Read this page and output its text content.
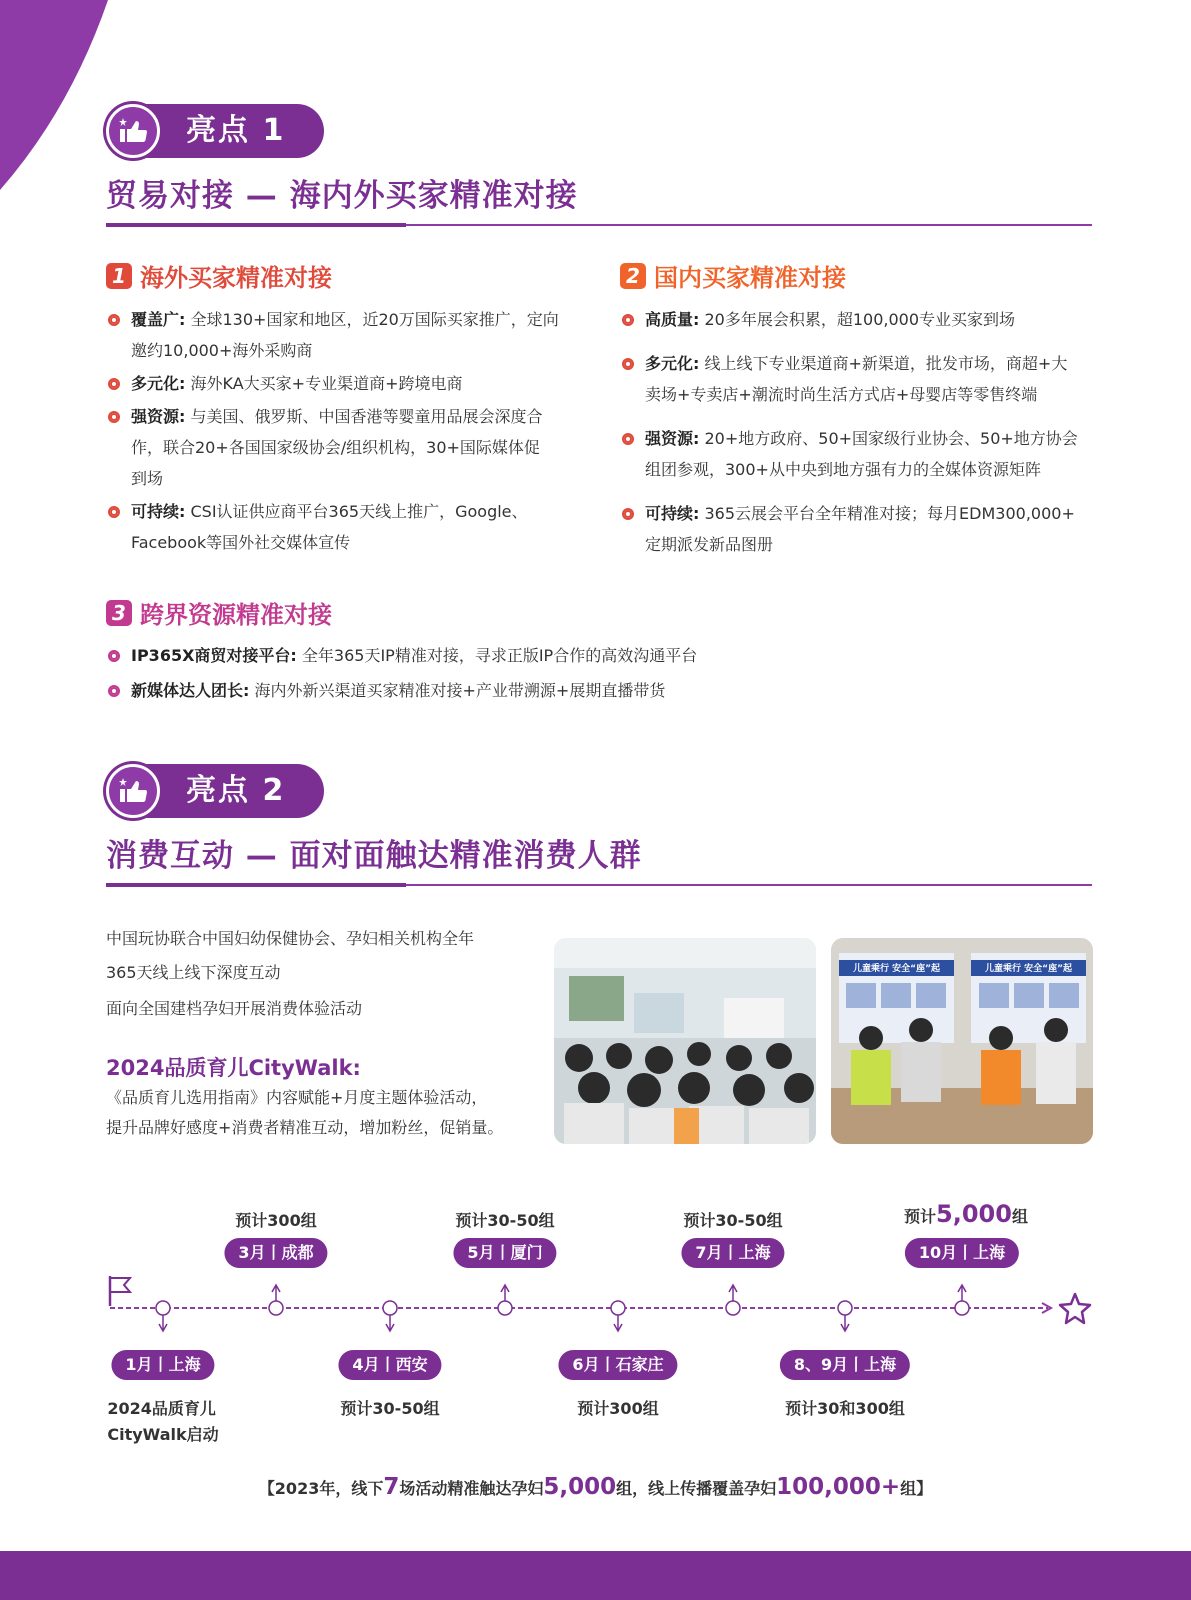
亮点 1
贸易对接 — 海内外买家精准对接
1 海外买家精准对接
覆盖广: 全球130+国家和地区，近20万国际买家推广，定向
邀约10,000+海外采购商
多元化: 海外KA大买家+专业渠道商+跨境电商
强资源: 与美国、俄罗斯、中国香港等婴童用品展会深度合
作，联合20+各国国家级协会/组织机构，30+国际媒体促
到场
可持续: CSI认证供应商平台365天线上推广，Google、
Facebook等国外社交媒体宣传
2 国内买家精准对接
高质量: 20多年展会积累，超100,000专业买家到场
多元化: 线上线下专业渠道商+新渠道，批发市场，商超+大
卖场+专卖店+潮流时尚生活方式店+母婴店等零售终端
强资源: 20+地方政府、50+国家级行业协会、50+地方协会
组团参观，300+从中央到地方强有力的全媒体资源矩阵
可持续: 365云展会平台全年精准对接；每月EDM300,000+
定期派发新品图册
3 跨界资源精准对接
IP365X商贸对接平台: 全年365天IP精准对接，寻求正版IP合作的高效沟通平台
新媒体达人团长: 海内外新兴渠道买家精准对接+产业带溯源+展期直播带货
亮点 2
消费互动 — 面对面触达精准消费人群
中国玩协联合中国妇幼保健协会、孕妇相关机构全年
365天线上线下深度互动
面向全国建档孕妇开展消费体验活动
2024品质育儿CityWalk:
《品质育儿选用指南》内容赋能+月度主题体验活动，
提升品牌好感度+消费者精准互动，增加粉丝，促销量。
儿童乘行 安全“座”起	儿童乘行 安全“座”起
预计300组
3月丨成都
预计30-50组
5月丨厦门
预计30-50组
7月丨上海
预计5,000组
10月丨上海
1月丨上海
2024品质育儿
CityWalk启动
4月丨西安
预计30-50组
6月丨石家庄
预计300组
8、9月丨上海
预计30和300组
【2023年，线下7场活动精准触达孕妇5,000组，线上传播覆盖孕妇100,000+组】
